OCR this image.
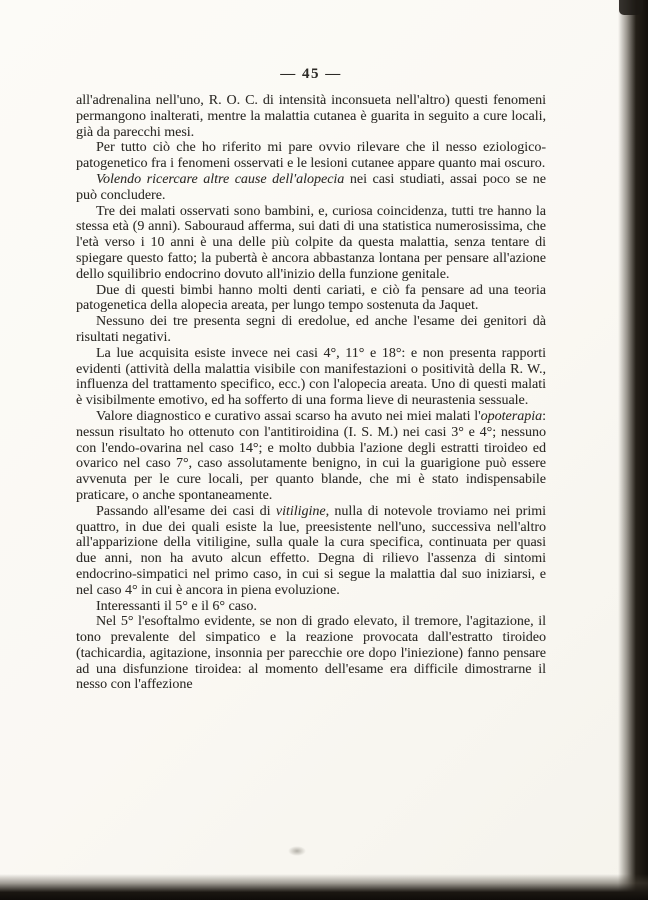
— 45 —

all'adrenalina nell'uno, R. O. C. di intensità inconsueta nell'altro) questi fenomeni permangono inalterati, mentre la malattia cutanea è guarita in seguito a cure locali, già da parecchi mesi.

Per tutto ciò che ho riferito mi pare ovvio rilevare che il nesso eziologico-patogenetico fra i fenomeni osservati e le lesioni cutanee appare quanto mai oscuro.

Volendo ricercare altre cause dell'alopecia nei casi studiati, assai poco se ne può concludere.

Tre dei malati osservati sono bambini, e, curiosa coincidenza, tutti tre hanno la stessa età (9 anni). Sabouraud afferma, sui dati di una statistica numerosissima, che l'età verso i 10 anni è una delle più colpite da questa malattia, senza tentare di spiegare questo fatto; la pubertà è ancora abbastanza lontana per pensare all'azione dello squilibrio endocrino dovuto all'inizio della funzione genitale.

Due di questi bimbi hanno molti denti cariati, e ciò fa pensare ad una teoria patogenetica della alopecia areata, per lungo tempo sostenuta da Jaquet.

Nessuno dei tre presenta segni di eredolue, ed anche l'esame dei genitori dà risultati negativi.

La lue acquisita esiste invece nei casi 4°, 11° e 18°: e non presenta rapporti evidenti (attività della malattia visibile con manifestazioni o positività della R. W., influenza del trattamento specifico, ecc.) con l'alopecia areata. Uno di questi malati è visibilmente emotivo, ed ha sofferto di una forma lieve di neurastenia sessuale.

Valore diagnostico e curativo assai scarso ha avuto nei miei malati l'opoterapia: nessun risultato ho ottenuto con l'antitiroidina (I. S. M.) nei casi 3° e 4°; nessuno con l'endo-ovarina nel caso 14°; e molto dubbia l'azione degli estratti tiroideo ed ovarico nel caso 7°, caso assolutamente benigno, in cui la guarigione può essere avvenuta per le cure locali, per quanto blande, che mi è stato indispensabile praticare, o anche spontaneamente.

Passando all'esame dei casi di vitiligine, nulla di notevole troviamo nei primi quattro, in due dei quali esiste la lue, preesistente nell'uno, successiva nell'altro all'apparizione della vitiligine, sulla quale la cura specifica, continuata per quasi due anni, non ha avuto alcun effetto. Degna di rilievo l'assenza di sintomi endocrino-simpatici nel primo caso, in cui si segue la malattia dal suo iniziarsi, e nel caso 4° in cui è ancora in piena evoluzione.

Interessanti il 5° e il 6° caso.

Nel 5° l'esoftalmo evidente, se non di grado elevato, il tremore, l'agitazione, il tono prevalente del simpatico e la reazione provocata dall'estratto tiroideo (tachicardia, agitazione, insonnia per parecchie ore dopo l'iniezione) fanno pensare ad una disfunzione tiroidea: al momento dell'esame era difficile dimostrarne il nesso con l'affezione
